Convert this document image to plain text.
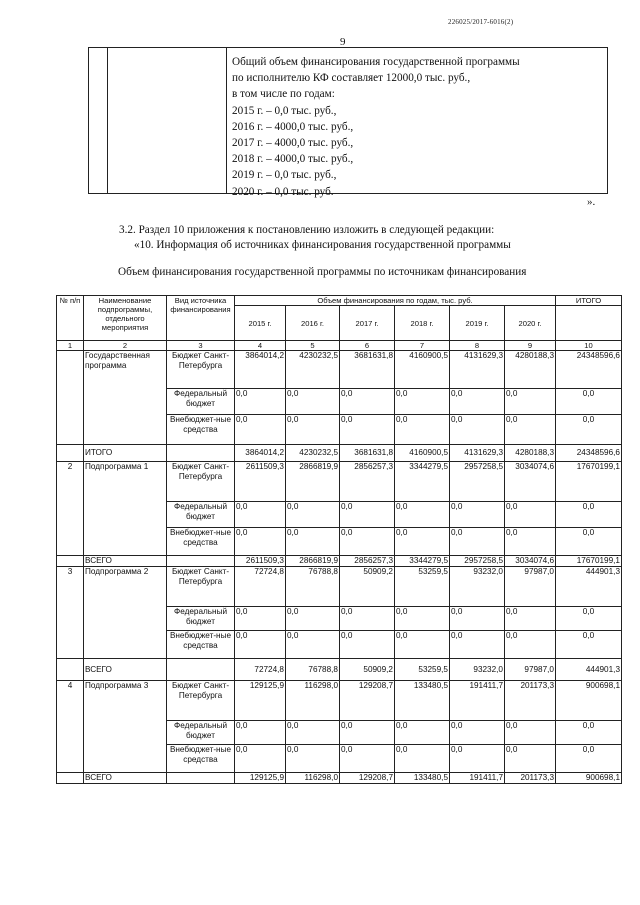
226025/2017-6016(2)
9
Общий объем финансирования государственной программы
по исполнителю КФ составляет 12000,0 тыс. руб.,
в том числе по годам:
2015 г. – 0,0 тыс. руб.,
2016 г. – 4000,0 тыс. руб.,
2017 г. – 4000,0 тыс. руб.,
2018 г. – 4000,0 тыс. руб.,
2019 г. – 0,0 тыс. руб.,
2020 г. – 0,0 тыс. руб.
».
3.2. Раздел 10 приложения к постановлению изложить в следующей редакции:
«10. Информация об источниках финансирования государственной программы
Объем финансирования государственной программы по источникам финансирования
№ п/п	Наименование подпрограммы, отдельного мероприятия	Вид источника финансирования	Объем финансирования по годам, тыс. руб.						ИТОГО
			2015 г.	2016 г.	2017 г.	2018 г.	2019 г.	2020 г.	
1	2	3	4	5	6	7	8	9	10
	Государственная программа	Бюджет Санкт-Петербурга	3864014,2	4230232,5	3681631,8	4160900,5	4131629,3	4280188,3	24348596,6
		Федеральный бюджет	0,0	0,0	0,0	0,0	0,0	0,0	0,0
		Внебюджет-ные средства	0,0	0,0	0,0	0,0	0,0	0,0	0,0
	ИТОГО		3864014,2	4230232,5	3681631,8	4160900,5	4131629,3	4280188,3	24348596,6
2	Подпрограмма 1	Бюджет Санкт-Петербурга	2611509,3	2866819,9	2856257,3	3344279,5	2957258,5	3034074,6	17670199,1
		Федеральный бюджет	0,0	0,0	0,0	0,0	0,0	0,0	0,0
		Внебюджет-ные средства	0,0	0,0	0,0	0,0	0,0	0,0	0,0
	ВСЕГО		2611509,3	2866819,9	2856257,3	3344279,5	2957258,5	3034074,6	17670199,1
3	Подпрограмма 2	Бюджет Санкт-Петербурга	72724,8	76788,8	50909,2	53259,5	93232,0	97987,0	444901,3
		Федеральный бюджет	0,0	0,0	0,0	0,0	0,0	0,0	0,0
		Внебюджет-ные средства	0,0	0,0	0,0	0,0	0,0	0,0	0,0
	ВСЕГО		72724,8	76788,8	50909,2	53259,5	93232,0	97987,0	444901,3
4	Подпрограмма 3	Бюджет Санкт-Петербурга	129125,9	116298,0	129208,7	133480,5	191411,7	201173,3	900698,1
		Федеральный бюджет	0,0	0,0	0,0	0,0	0,0	0,0	0,0
		Внебюджет-ные средства	0,0	0,0	0,0	0,0	0,0	0,0	0,0
	ВСЕГО		129125,9	116298,0	129208,7	133480,5	191411,7	201173,3	900698,1
